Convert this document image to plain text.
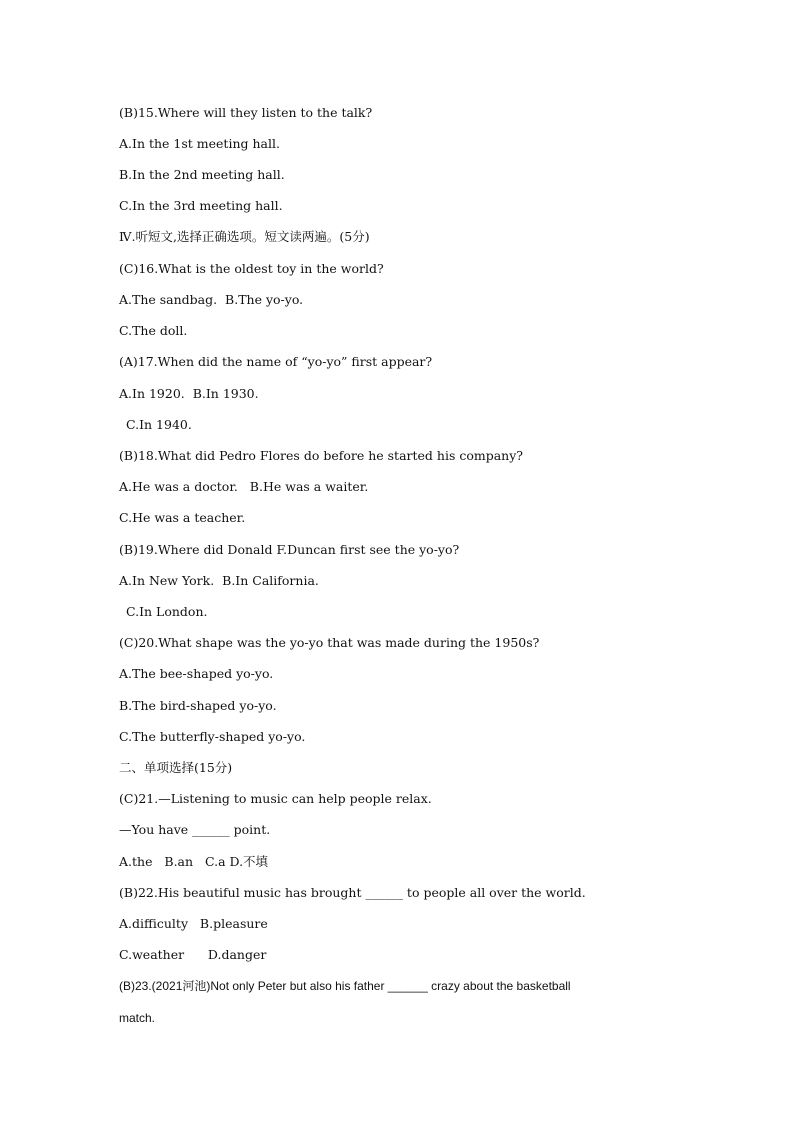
(B)15.Where will they listen to the talk?
A.In the 1st meeting hall.
B.In the 2nd meeting hall.
C.In the 3rd meeting hall.
Ⅳ.听短文,选择正确选项。短文读两遍。(5分)
(C)16.What is the oldest toy in the world?
A.The sandbag.  B.The yo-yo.
C.The doll.
(A)17.When did the name of “yo-yo” first appear?
A.In 1920.  B.In 1930.
C.In 1940.
(B)18.What did Pedro Flores do before he started his company?
A.He was a doctor.   B.He was a waiter.
C.He was a teacher.
(B)19.Where did Donald F.Duncan first see the yo-yo?
A.In New York.  B.In California.
C.In London.
(C)20.What shape was the yo-yo that was made during the 1950s?
A.The bee-shaped yo-yo.
B.The bird-shaped yo-yo.
C.The butterfly-shaped yo-yo.
二、单项选择(15分)
(C)21.—Listening to music can help people relax.
—You have ______ point.
A.the   B.an   C.a D.不填
(B)22.His beautiful music has brought ______ to people all over the world.
A.difficulty   B.pleasure
C.weather      D.danger
(B)23.(2021河池)Not only Peter but also his father ______ crazy about the basketball
match.
